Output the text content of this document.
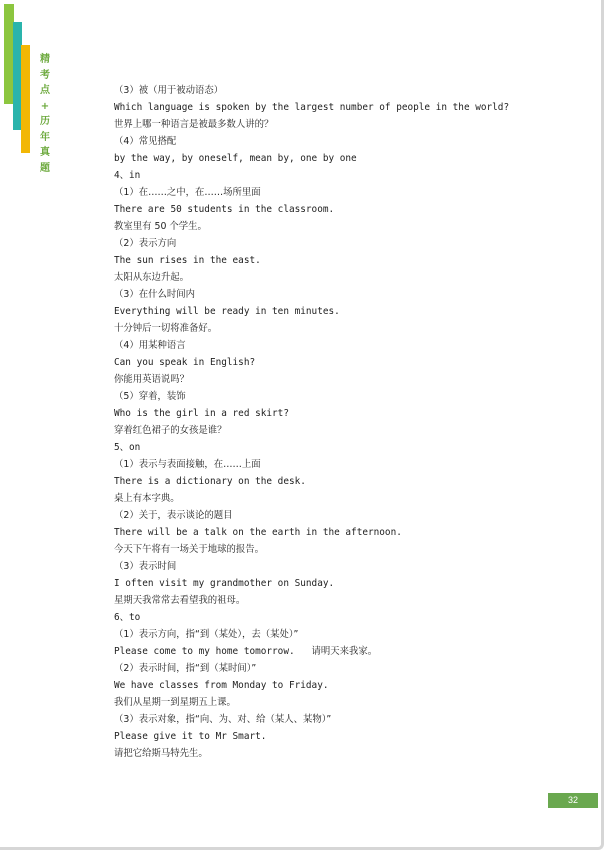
精
考
点
+
历
年
真
题
（3）被（用于被动语态）
Which language is spoken by the largest number of people in the world?
世界上哪一种语言是被最多数人讲的？
（4）常见搭配
by the way, by oneself, mean by, one by one
4、in
（1）在……之中，在……场所里面
There are 50 students in the classroom.
教室里有 50 个学生。
（2）表示方向
The sun rises in the east.
太阳从东边升起。
（3）在什么时间内
Everything will be ready in ten minutes.
十分钟后一切将准备好。
（4）用某种语言
Can you speak in English?
你能用英语说吗？
（5）穿着，装饰
Who is the girl in a red skirt?
穿着红色裙子的女孩是谁？
5、on
（1）表示与表面接触，在……上面
There is a dictionary on the desk.
桌上有本字典。
（2）关于，表示谈论的题目
There will be a talk on the earth in the afternoon.
今天下午将有一场关于地球的报告。
（3）表示时间
I often visit my grandmother on Sunday.
星期天我常常去看望我的祖母。
6、to
（1）表示方向，指“到（某处），去（某处）”
Please come to my home tomorrow.   请明天来我家。
（2）表示时间，指“到（某时间）”
We have classes from Monday to Friday.
我们从星期一到星期五上课。
（3）表示对象，指“向、为、对、给（某人、某物）”
Please give it to Mr Smart.
请把它给斯马特先生。
32
